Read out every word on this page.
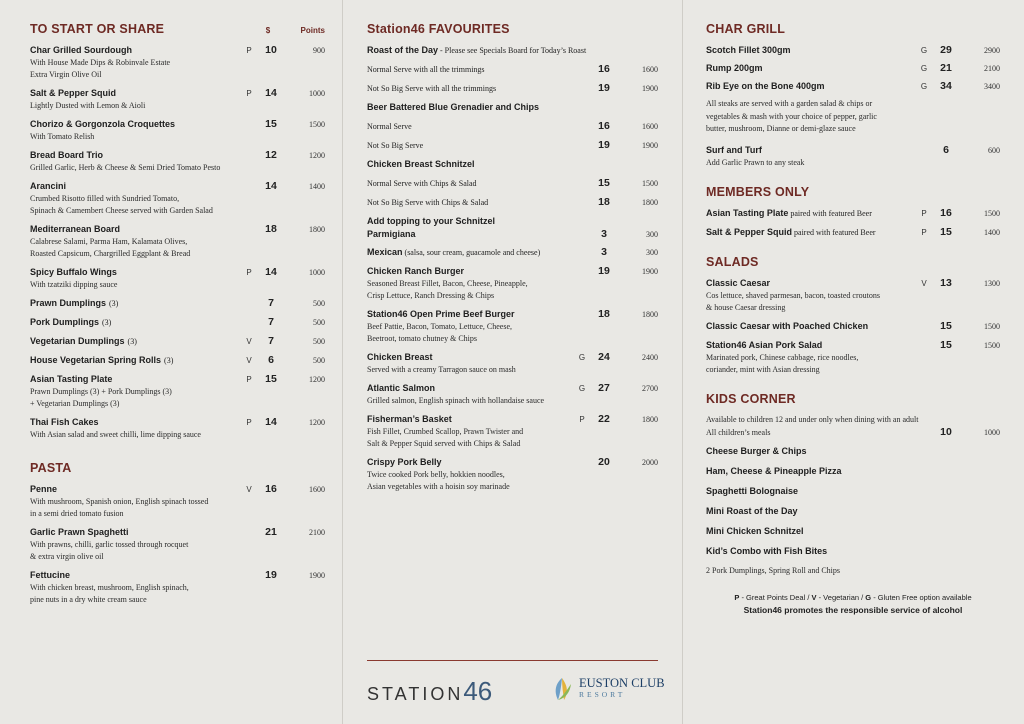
TO START OR SHARE	$	Points
Char Grilled Sourdough	P	10	900
With House Made Dips & Robinvale Estate
Extra Virgin Olive Oil
Salt & Pepper Squid	P	14	1000
Lightly Dusted with Lemon & Aioli
Chorizo & Gorgonzola Croquettes	15	1500
With Tomato Relish
Bread Board Trio	12	1200
Grilled Garlic, Herb & Cheese & Semi Dried Tomato Pesto
Arancini	14	1400
Crumbed Risotto filled with Sundried Tomato,
Spinach & Camembert Cheese served with Garden Salad
Mediterranean Board	18	1800
Calabrese Salami, Parma Ham, Kalamata Olives,
Roasted Capsicum, Chargrilled Eggplant & Bread
Spicy Buffalo Wings	P	14	1000
With tzatziki dipping sauce
Prawn Dumplings (3)	7	500
Pork Dumplings (3)	7	500
Vegetarian Dumplings (3)	V	7	500
House Vegetarian Spring Rolls (3)	V	6	500
Asian Tasting Plate	P	15	1200
Prawn Dumplings (3) + Pork Dumplings (3)
+ Vegetarian Dumplings (3)
Thai Fish Cakes	P	14	1200
With Asian salad and sweet chilli, lime dipping sauce
PASTA
Penne	V	16	1600
With mushroom, Spanish onion, English spinach tossed
in a semi dried tomato fusion
Garlic Prawn Spaghetti	21	2100
With prawns, chilli, garlic tossed through rocquet
& extra virgin olive oil
Fettucine	19	1900
With chicken breast, mushroom, English spinach,
pine nuts in a dry white cream sauce
Station46 FAVOURITES
Roast of the Day - Please see Specials Board for Today’s Roast
Normal Serve with all the trimmings	16	1600
Not So Big Serve with all the trimmings	19	1900
Beer Battered Blue Grenadier and Chips
Normal Serve	16	1600
Not So Big Serve	19	1900
Chicken Breast Schnitzel
Normal Serve with Chips & Salad	15	1500
Not So Big Serve with Chips & Salad	18	1800
Add topping to your Schnitzel
Parmigiana	3	300
Mexican (salsa, sour cream, guacamole and cheese)	3	300
Chicken Ranch Burger	19	1900
Seasoned Breast Fillet, Bacon, Cheese, Pineapple,
Crisp Lettuce, Ranch Dressing & Chips
Station46 Open Prime Beef Burger	18	1800
Beef Pattie, Bacon, Tomato, Lettuce, Cheese,
Beetroot, tomato chutney & Chips
Chicken Breast	G	24	2400
Served with a creamy Tarragon sauce on mash
Atlantic Salmon	G	27	2700
Grilled salmon, English spinach with hollandaise sauce
Fisherman’s Basket	P	22	1800
Fish Fillet, Crumbed Scallop, Prawn Twister and
Salt & Pepper Squid served with Chips & Salad
Crispy Pork Belly	20	2000
Twice cooked Pork belly, hokkien noodles,
Asian vegetables with a hoisin soy marinade
STATION46	EUSTON CLUB
RESORT
CHAR GRILL
Scotch Fillet 300gm	G	29	2900
Rump 200gm	G	21	2100
Rib Eye on the Bone 400gm	G	34	3400
All steaks are served with a garden salad & chips or
vegetables & mash with your choice of pepper, garlic
butter, mushroom, Dianne or demi-glaze sauce
Surf and Turf	6	600
Add Garlic Prawn to any steak
MEMBERS ONLY
Asian Tasting Plate paired with featured Beer	P	16	1500
Salt & Pepper Squid paired with featured Beer	P	15	1400
SALADS
Classic Caesar	V	13	1300
Cos lettuce, shaved parmesan, bacon, toasted croutons
& house Caesar dressing
Classic Caesar with Poached Chicken	15	1500
Station46 Asian Pork Salad	15	1500
Marinated pork, Chinese cabbage, rice noodles,
coriander, mint with Asian dressing
KIDS CORNER
Available to children 12 and under only when dining with an adult
All children’s meals	10	1000
Cheese Burger & Chips
Ham, Cheese & Pineapple Pizza
Spaghetti Bolognaise
Mini Roast of the Day
Mini Chicken Schnitzel
Kid’s Combo with Fish Bites
2 Pork Dumplings, Spring Roll and Chips
P - Great Points Deal / V - Vegetarian / G - Gluten Free option available
Station46 promotes the responsible service of alcohol
